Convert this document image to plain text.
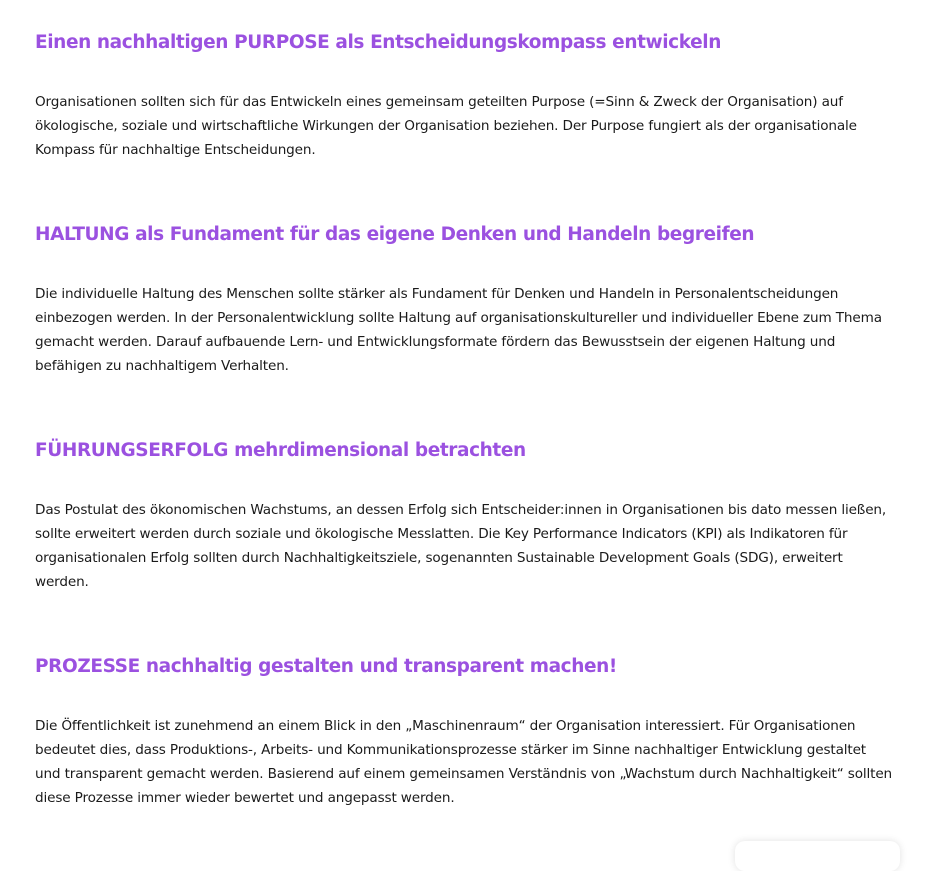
Einen nachhaltigen PURPOSE als Entscheidungskompass entwickeln

Organisationen sollten sich für das Entwickeln eines gemeinsam geteilten Purpose (=Sinn & Zweck der Organisation) auf ökologische, soziale und wirtschaftliche Wirkungen der Organisation beziehen. Der Purpose fungiert als der organisationale Kompass für nachhaltige Entscheidungen.

HALTUNG als Fundament für das eigene Denken und Handeln begreifen

Die individuelle Haltung des Menschen sollte stärker als Fundament für Denken und Handeln in Personalentscheidungen einbezogen werden. In der Personalentwicklung sollte Haltung auf organisationskultureller und individueller Ebene zum Thema gemacht werden. Darauf aufbauende Lern- und Entwicklungsformate fördern das Bewusstsein der eigenen Haltung und befähigen zu nachhaltigem Verhalten.

FÜHRUNGSERFOLG mehrdimensional betrachten

Das Postulat des ökonomischen Wachstums, an dessen Erfolg sich Entscheider:innen in Organisationen bis dato messen ließen, sollte erweitert werden durch soziale und ökologische Messlatten. Die Key Performance Indicators (KPI) als Indikatoren für organisationalen Erfolg sollten durch Nachhaltigkeitsziele, sogenannten Sustainable Development Goals (SDG), erweitert werden.

PROZESSE nachhaltig gestalten und transparent machen!

Die Öffentlichkeit ist zunehmend an einem Blick in den „Maschinenraum“ der Organisation interessiert. Für Organisationen bedeutet dies, dass Produktions-, Arbeits- und Kommunikationsprozesse stärker im Sinne nachhaltiger Entwicklung gestaltet und transparent gemacht werden. Basierend auf einem gemeinsamen Verständnis von „Wachstum durch Nachhaltigkeit“ sollten diese Prozesse immer wieder bewertet und angepasst werden.
